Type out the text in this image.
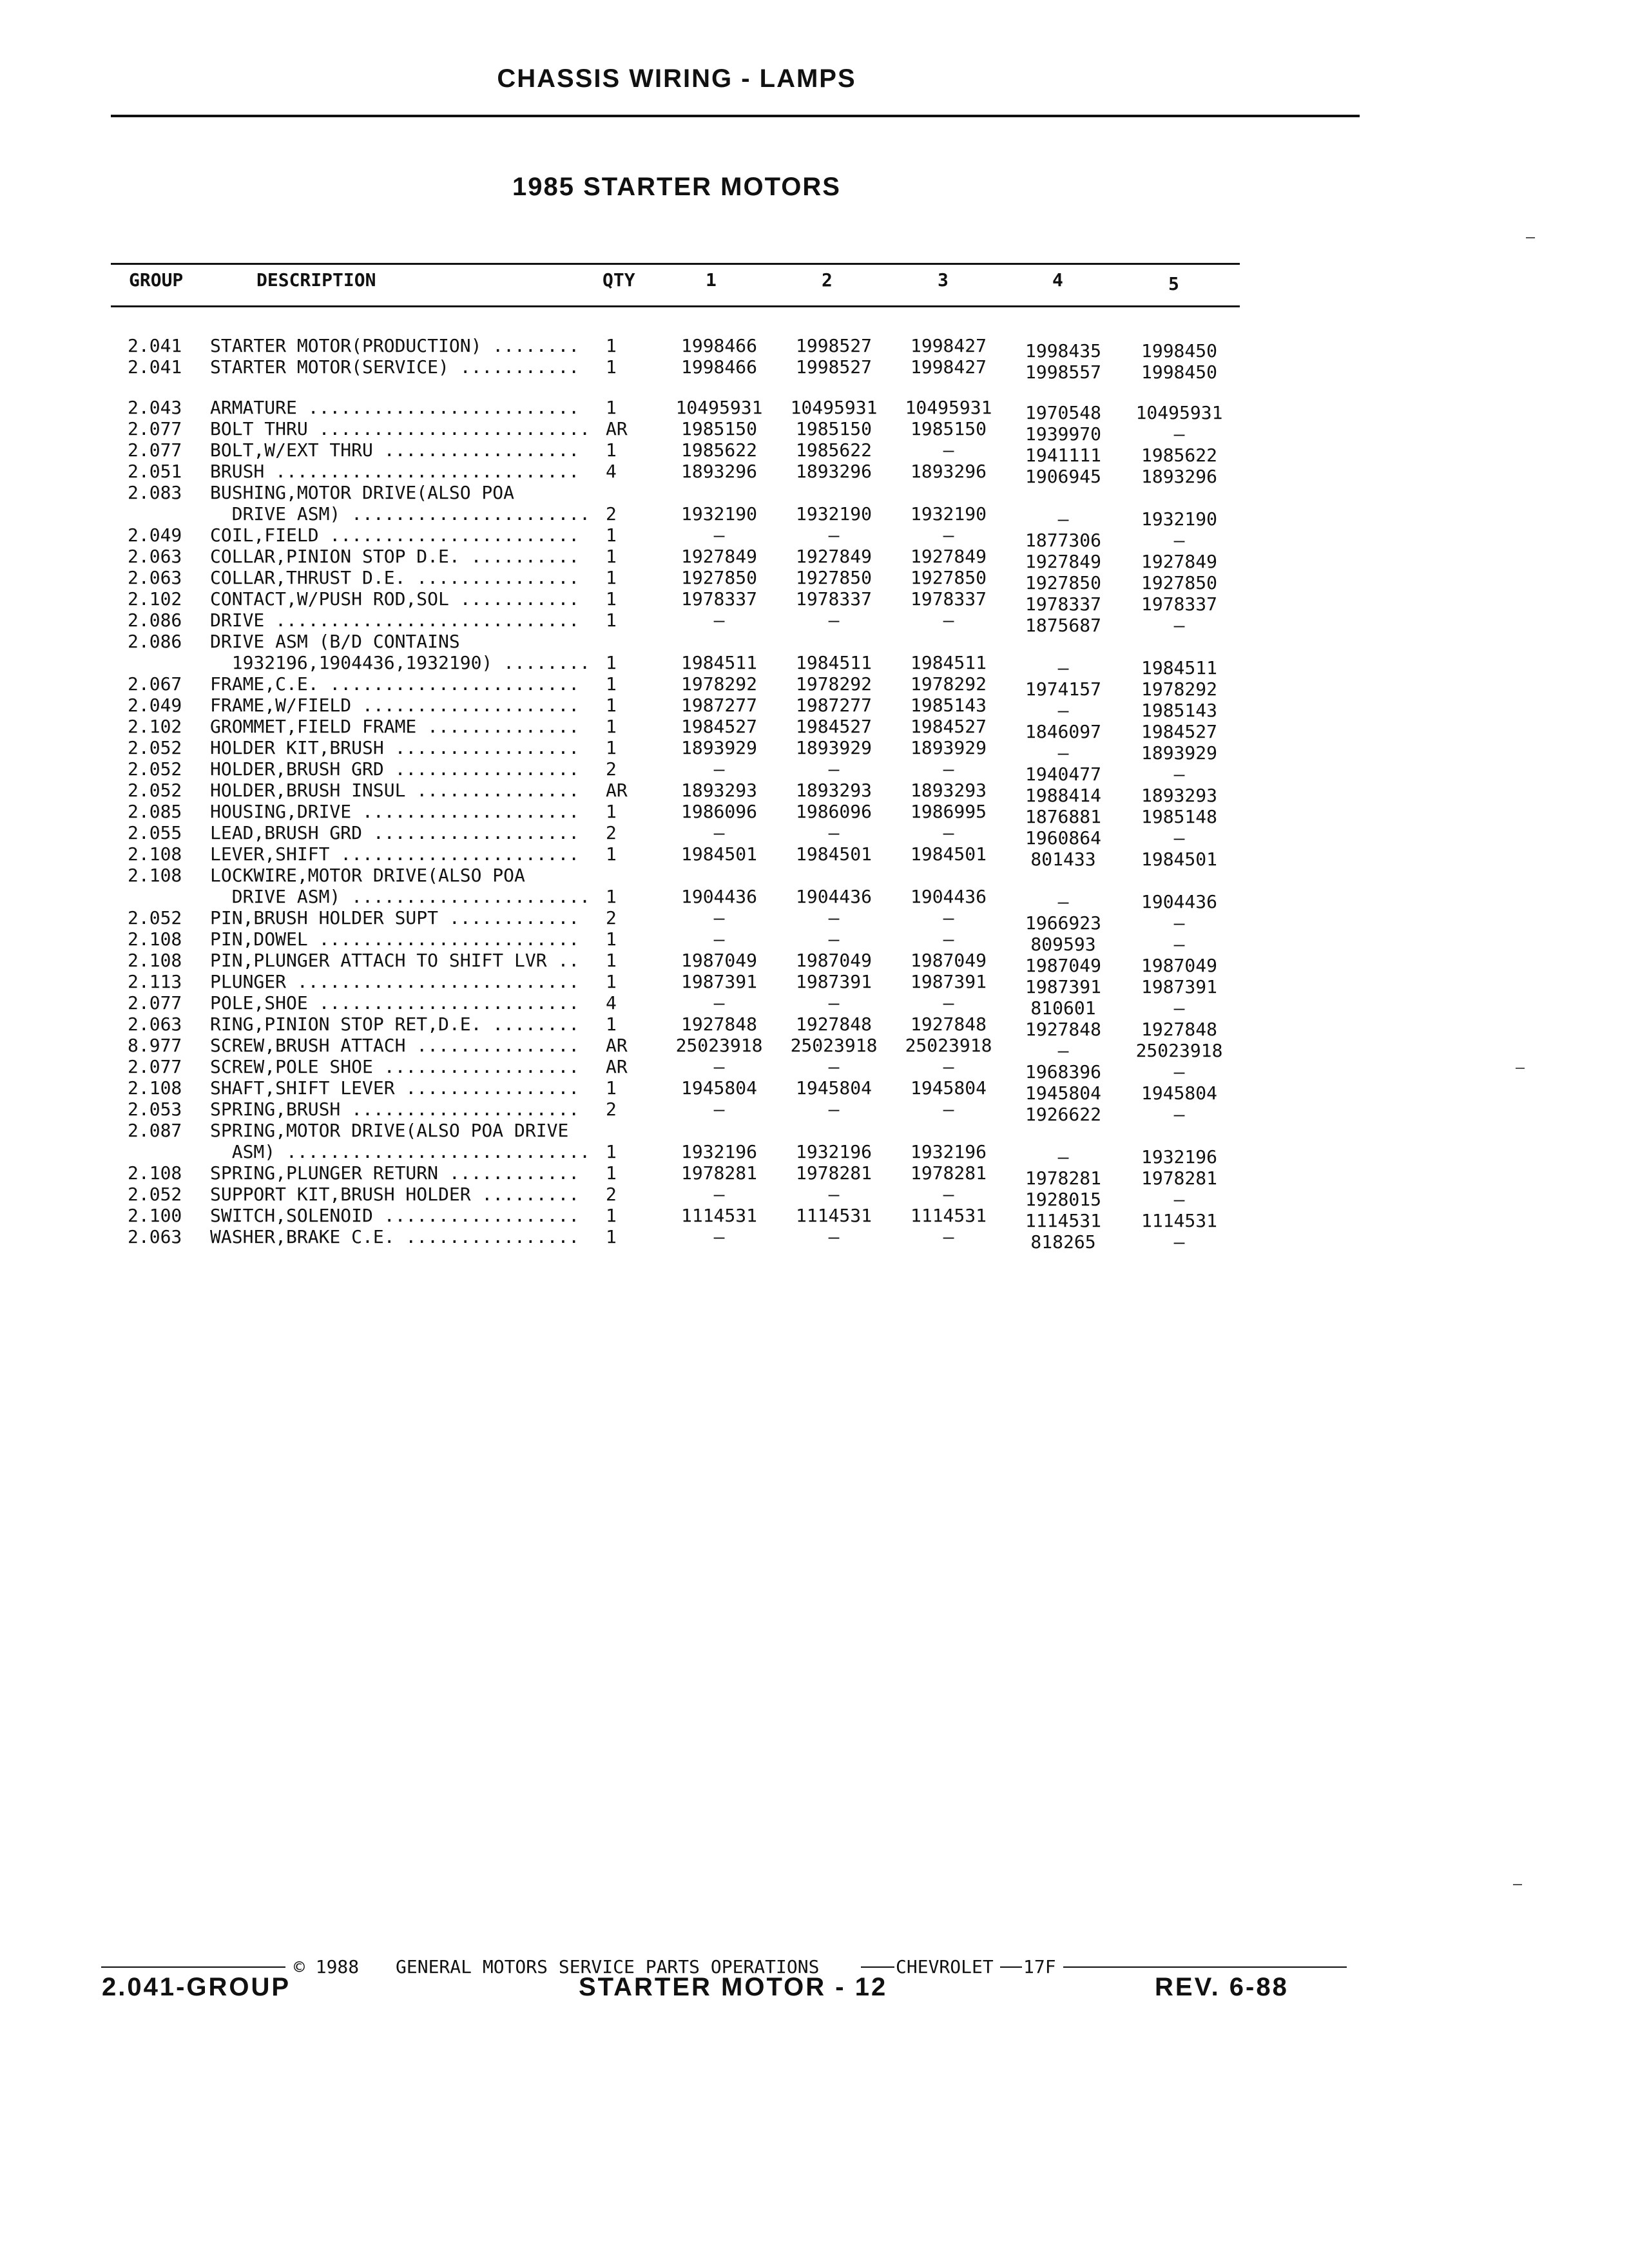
CHASSIS WIRING - LAMPS
1985 STARTER MOTORS
GROUP	DESCRIPTION	QTY	1	2	3	4	5
2.041 STARTER MOTOR(PRODUCTION) ........ 1	1998466	1998527	1998427	1998435	1998450
2.041 STARTER MOTOR(SERVICE) ........... 1	1998466	1998527	1998427	1998557	1998450
2.043 ARMATURE ......................... 1	10495931	10495931	10495931	1970548	10495931
2.077 BOLT THRU ......................... AR	1985150	1985150	1985150	1939970	—
2.077 BOLT,W/EXT THRU .................. 1	1985622	1985622	—	1941111	1985622
2.051 BRUSH ............................ 4	1893296	1893296	1893296	1906945	1893296
2.083 BUSHING,MOTOR DRIVE(ALSO POA
DRIVE ASM) ...................... 2	1932190	1932190	1932190	—	1932190
2.049 COIL,FIELD ....................... 1	—	—	—	1877306	—
2.063 COLLAR,PINION STOP D.E. .......... 1	1927849	1927849	1927849	1927849	1927849
2.063 COLLAR,THRUST D.E. ............... 1	1927850	1927850	1927850	1927850	1927850
2.102 CONTACT,W/PUSH ROD,SOL ........... 1	1978337	1978337	1978337	1978337	1978337
2.086 DRIVE ............................ 1	—	—	—	1875687	—
2.086 DRIVE ASM (B/D CONTAINS
1932196,1904436,1932190) ........ 1	1984511	1984511	1984511	—	1984511
2.067 FRAME,C.E. ....................... 1	1978292	1978292	1978292	1974157	1978292
2.049 FRAME,W/FIELD .................... 1	1987277	1987277	1985143	—	1985143
2.102 GROMMET,FIELD FRAME .............. 1	1984527	1984527	1984527	1846097	1984527
2.052 HOLDER KIT,BRUSH ................. 1	1893929	1893929	1893929	—	1893929
2.052 HOLDER,BRUSH GRD ................. 2	—	—	—	1940477	—
2.052 HOLDER,BRUSH INSUL ............... AR	1893293	1893293	1893293	1988414	1893293
2.085 HOUSING,DRIVE .................... 1	1986096	1986096	1986995	1876881	1985148
2.055 LEAD,BRUSH GRD ................... 2	—	—	—	1960864	—
2.108 LEVER,SHIFT ...................... 1	1984501	1984501	1984501	801433	1984501
2.108 LOCKWIRE,MOTOR DRIVE(ALSO POA
DRIVE ASM) ...................... 1	1904436	1904436	1904436	—	1904436
2.052 PIN,BRUSH HOLDER SUPT ............ 2	—	—	—	1966923	—
2.108 PIN,DOWEL ........................ 1	—	—	—	809593	—
2.108 PIN,PLUNGER ATTACH TO SHIFT LVR .. 1	1987049	1987049	1987049	1987049	1987049
2.113 PLUNGER .......................... 1	1987391	1987391	1987391	1987391	1987391
2.077 POLE,SHOE ........................ 4	—	—	—	810601	—
2.063 RING,PINION STOP RET,D.E. ........ 1	1927848	1927848	1927848	1927848	1927848
8.977 SCREW,BRUSH ATTACH ............... AR	25023918	25023918	25023918	—	25023918
2.077 SCREW,POLE SHOE .................. AR	—	—	—	1968396	—
2.108 SHAFT,SHIFT LEVER ................ 1	1945804	1945804	1945804	1945804	1945804
2.053 SPRING,BRUSH ..................... 2	—	—	—	1926622	—
2.087 SPRING,MOTOR DRIVE(ALSO POA DRIVE
ASM) ............................ 1	1932196	1932196	1932196	—	1932196
2.108 SPRING,PLUNGER RETURN ............ 1	1978281	1978281	1978281	1978281	1978281
2.052 SUPPORT KIT,BRUSH HOLDER ......... 2	—	—	—	1928015	—
2.100 SWITCH,SOLENOID .................. 1	1114531	1114531	1114531	1114531	1114531
2.063 WASHER,BRAKE C.E. ................ 1	—	—	—	818265	—
© 1988 GENERAL MOTORS SERVICE PARTS OPERATIONS	CHEVROLET 17F
2.041-GROUP	STARTER MOTOR - 12	REV. 6-88
